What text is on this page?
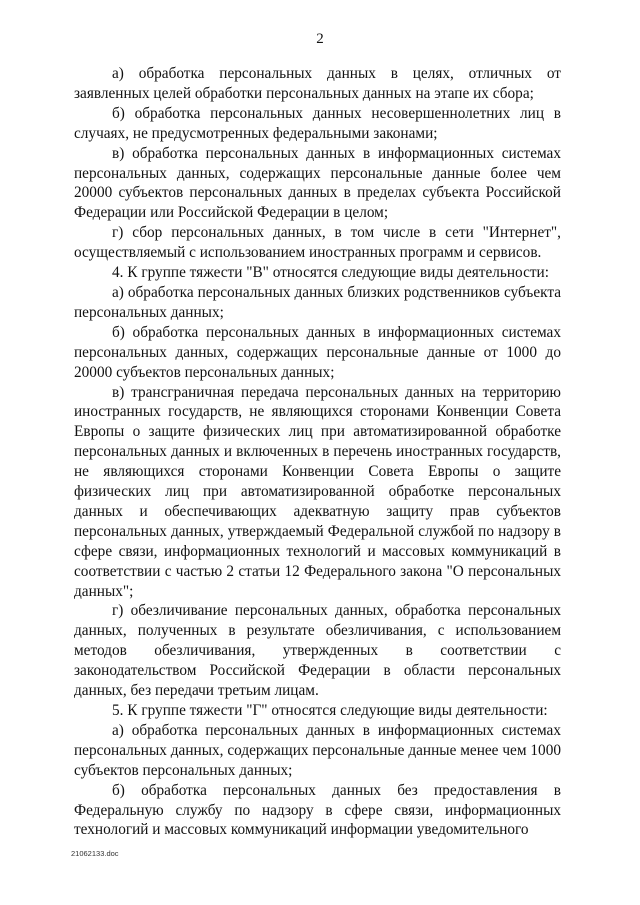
2

а) обработка персональных данных в целях, отличных от заявленных целей обработки персональных данных на этапе их сбора;

б) обработка персональных данных несовершеннолетних лиц в случаях, не предусмотренных федеральными законами;

в) обработка персональных данных в информационных системах персональных данных, содержащих персональные данные более чем 20000 субъектов персональных данных в пределах субъекта Российской Федерации или Российской Федерации в целом;

г) сбор персональных данных, в том числе в сети "Интернет", осуществляемый с использованием иностранных программ и сервисов.

4. К группе тяжести "В" относятся следующие виды деятельности:

а) обработка персональных данных близких родственников субъекта персональных данных;

б) обработка персональных данных в информационных системах персональных данных, содержащих персональные данные от 1000 до 20000 субъектов персональных данных;

в) трансграничная передача персональных данных на территорию иностранных государств, не являющихся сторонами Конвенции Совета Европы о защите физических лиц при автоматизированной обработке персональных данных и включенных в перечень иностранных государств, не являющихся сторонами Конвенции Совета Европы о защите физических лиц при автоматизированной обработке персональных данных и обеспечивающих адекватную защиту прав субъектов персональных данных, утверждаемый Федеральной службой по надзору в сфере связи, информационных технологий и массовых коммуникаций в соответствии с частью 2 статьи 12 Федерального закона "О персональных данных";

г) обезличивание персональных данных, обработка персональных данных, полученных в результате обезличивания, с использованием методов обезличивания, утвержденных в соответствии с законодательством Российской Федерации в области персональных данных, без передачи третьим лицам.

5. К группе тяжести "Г" относятся следующие виды деятельности:

а) обработка персональных данных в информационных системах персональных данных, содержащих персональные данные менее чем 1000 субъектов персональных данных;

б) обработка персональных данных без предоставления в Федеральную службу по надзору в сфере связи, информационных технологий и массовых коммуникаций информации уведомительного

21062133.doc
